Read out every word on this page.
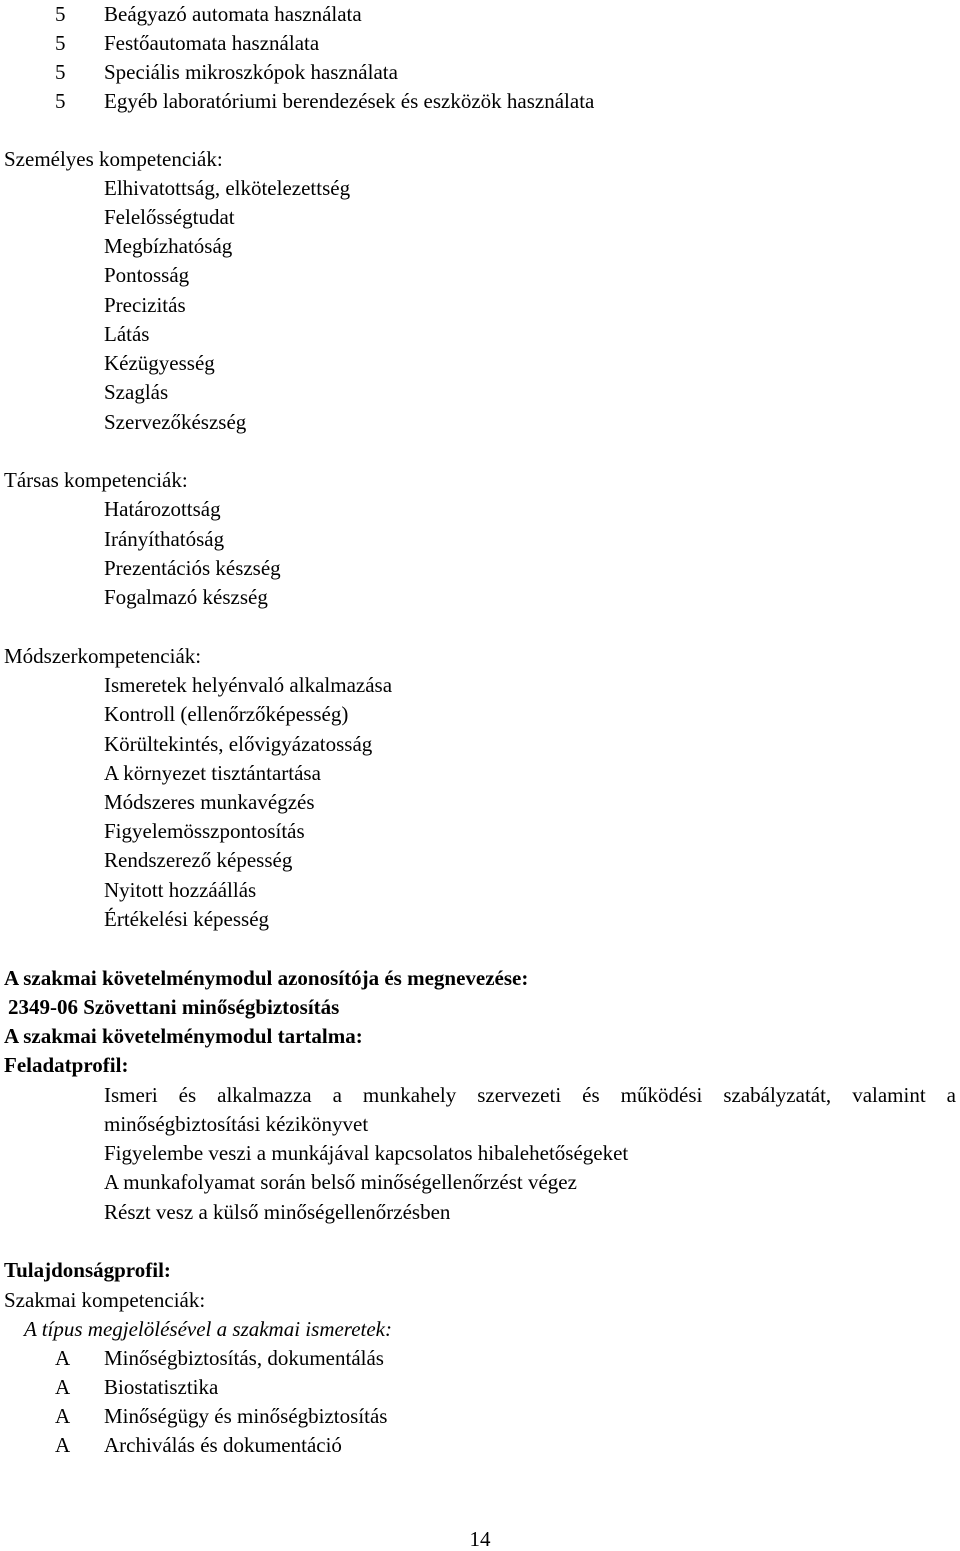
5 Beágyazó automata használata
5 Festőautomata használata
5 Speciális mikroszkópok használata
5 Egyéb laboratóriumi berendezések és eszközök használata
Személyes kompetenciák:
Elhivatottság, elkötelezettség
Felelősségtudat
Megbízhatóság
Pontosság
Precizitás
Látás
Kézügyesség
Szaglás
Szervezőkészség
Társas kompetenciák:
Határozottság
Irányíthatóság
Prezentációs készség
Fogalmazó készség
Módszerkompetenciák:
Ismeretek helyénvaló alkalmazása
Kontroll (ellenőrzőképesség)
Körültekintés, elővigyázatosság
A környezet tisztántartása
Módszeres munkavégzés
Figyelemösszpontosítás
Rendszerező képesség
Nyitott hozzáállás
Értékelési képesség
A szakmai követelménymodul azonosítója és megnevezése:
2349-06 Szövettani minőségbiztosítás
A szakmai követelménymodul tartalma:
Feladatprofil:
Ismeri és alkalmazza a munkahely szervezeti és működési szabályzatát, valamint a
minőségbiztosítási kézikönyvet
Figyelembe veszi a munkájával kapcsolatos hibalehetőségeket
A munkafolyamat során belső minőségellenőrzést végez
Részt vesz a külső minőségellenőrzésben
Tulajdonságprofil:
Szakmai kompetenciák:
A típus megjelölésével a szakmai ismeretek:
A Minőségbiztosítás, dokumentálás
A Biostatisztika
A Minőségügy és minőségbiztosítás
A Archiválás és dokumentáció
14
